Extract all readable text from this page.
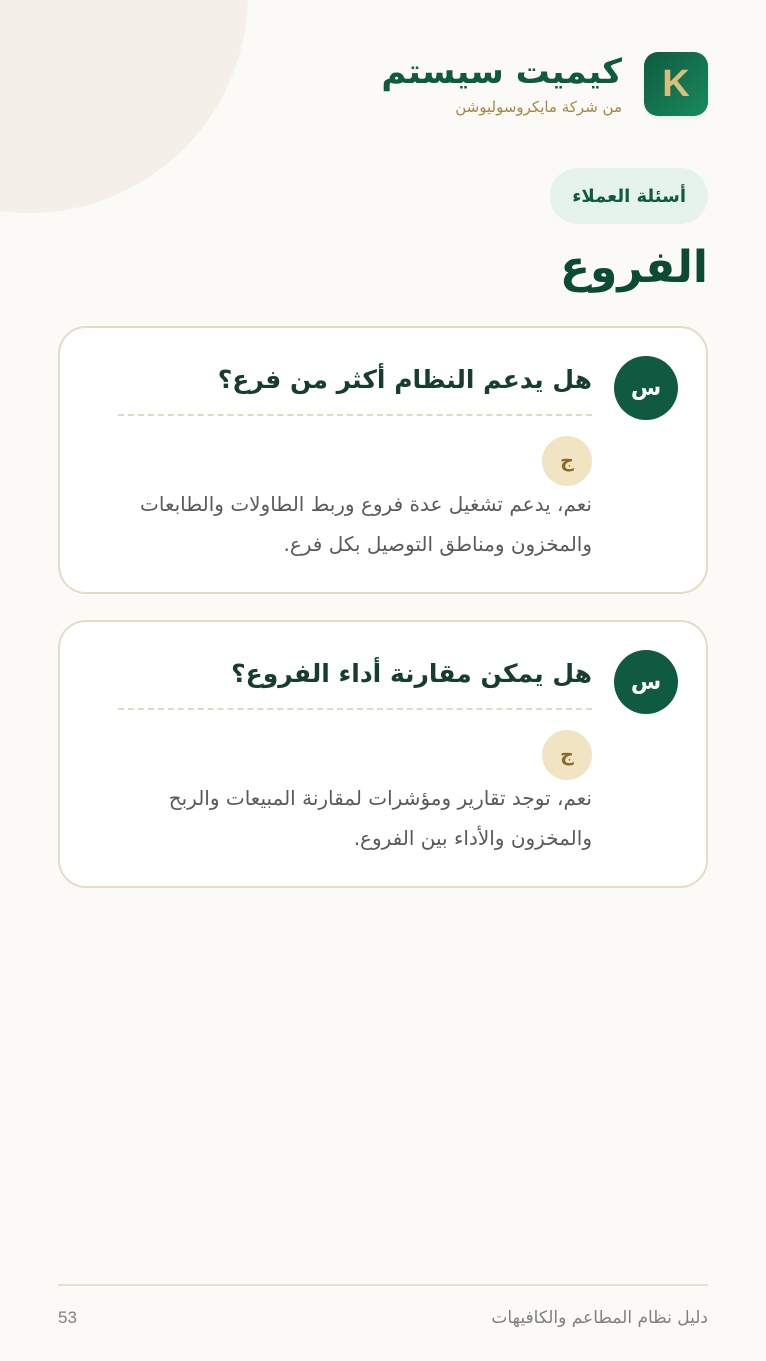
K
كيميت سيستم
من شركة مايكروسوليوشن
أسئلة العملاء
الفروع
س
هل يدعم النظام أكثر من فرع؟
ج
نعم، يدعم تشغيل عدة فروع وربط الطاولات والطابعات والمخزون ومناطق التوصيل بكل فرع.
س
هل يمكن مقارنة أداء الفروع؟
ج
نعم، توجد تقارير ومؤشرات لمقارنة المبيعات والربح والمخزون والأداء بين الفروع.
دليل نظام المطاعم والكافيهات
53
